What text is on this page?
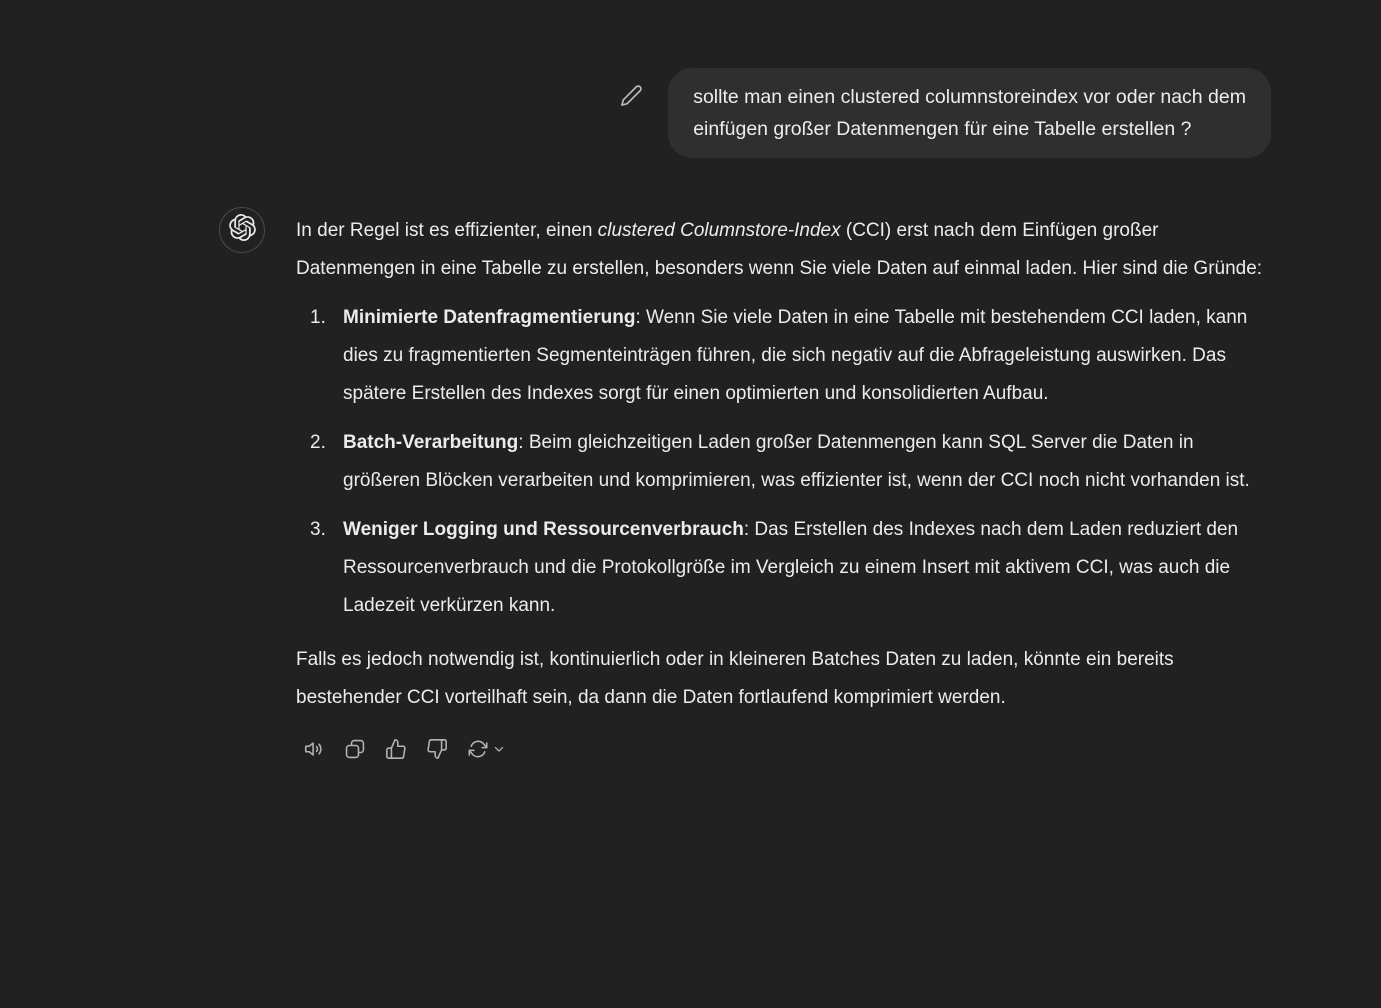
sollte man einen clustered columnstoreindex vor oder nach dem
einfügen großer Datenmengen für eine Tabelle erstellen ?

In der Regel ist es effizienter, einen clustered Columnstore-Index (CCI) erst nach dem Einfügen großer Datenmengen in eine Tabelle zu erstellen, besonders wenn Sie viele Daten auf einmal laden. Hier sind die Gründe:

1. Minimierte Datenfragmentierung: Wenn Sie viele Daten in eine Tabelle mit bestehendem CCI laden, kann dies zu fragmentierten Segmenteinträgen führen, die sich negativ auf die Abfrageleistung auswirken. Das spätere Erstellen des Indexes sorgt für einen optimierten und konsolidierten Aufbau.
2. Batch-Verarbeitung: Beim gleichzeitigen Laden großer Datenmengen kann SQL Server die Daten in größeren Blöcken verarbeiten und komprimieren, was effizienter ist, wenn der CCI noch nicht vorhanden ist.
3. Weniger Logging und Ressourcenverbrauch: Das Erstellen des Indexes nach dem Laden reduziert den Ressourcenverbrauch und die Protokollgröße im Vergleich zu einem Insert mit aktivem CCI, was auch die Ladezeit verkürzen kann.

Falls es jedoch notwendig ist, kontinuierlich oder in kleineren Batches Daten zu laden, könnte ein bereits bestehender CCI vorteilhaft sein, da dann die Daten fortlaufend komprimiert werden.
